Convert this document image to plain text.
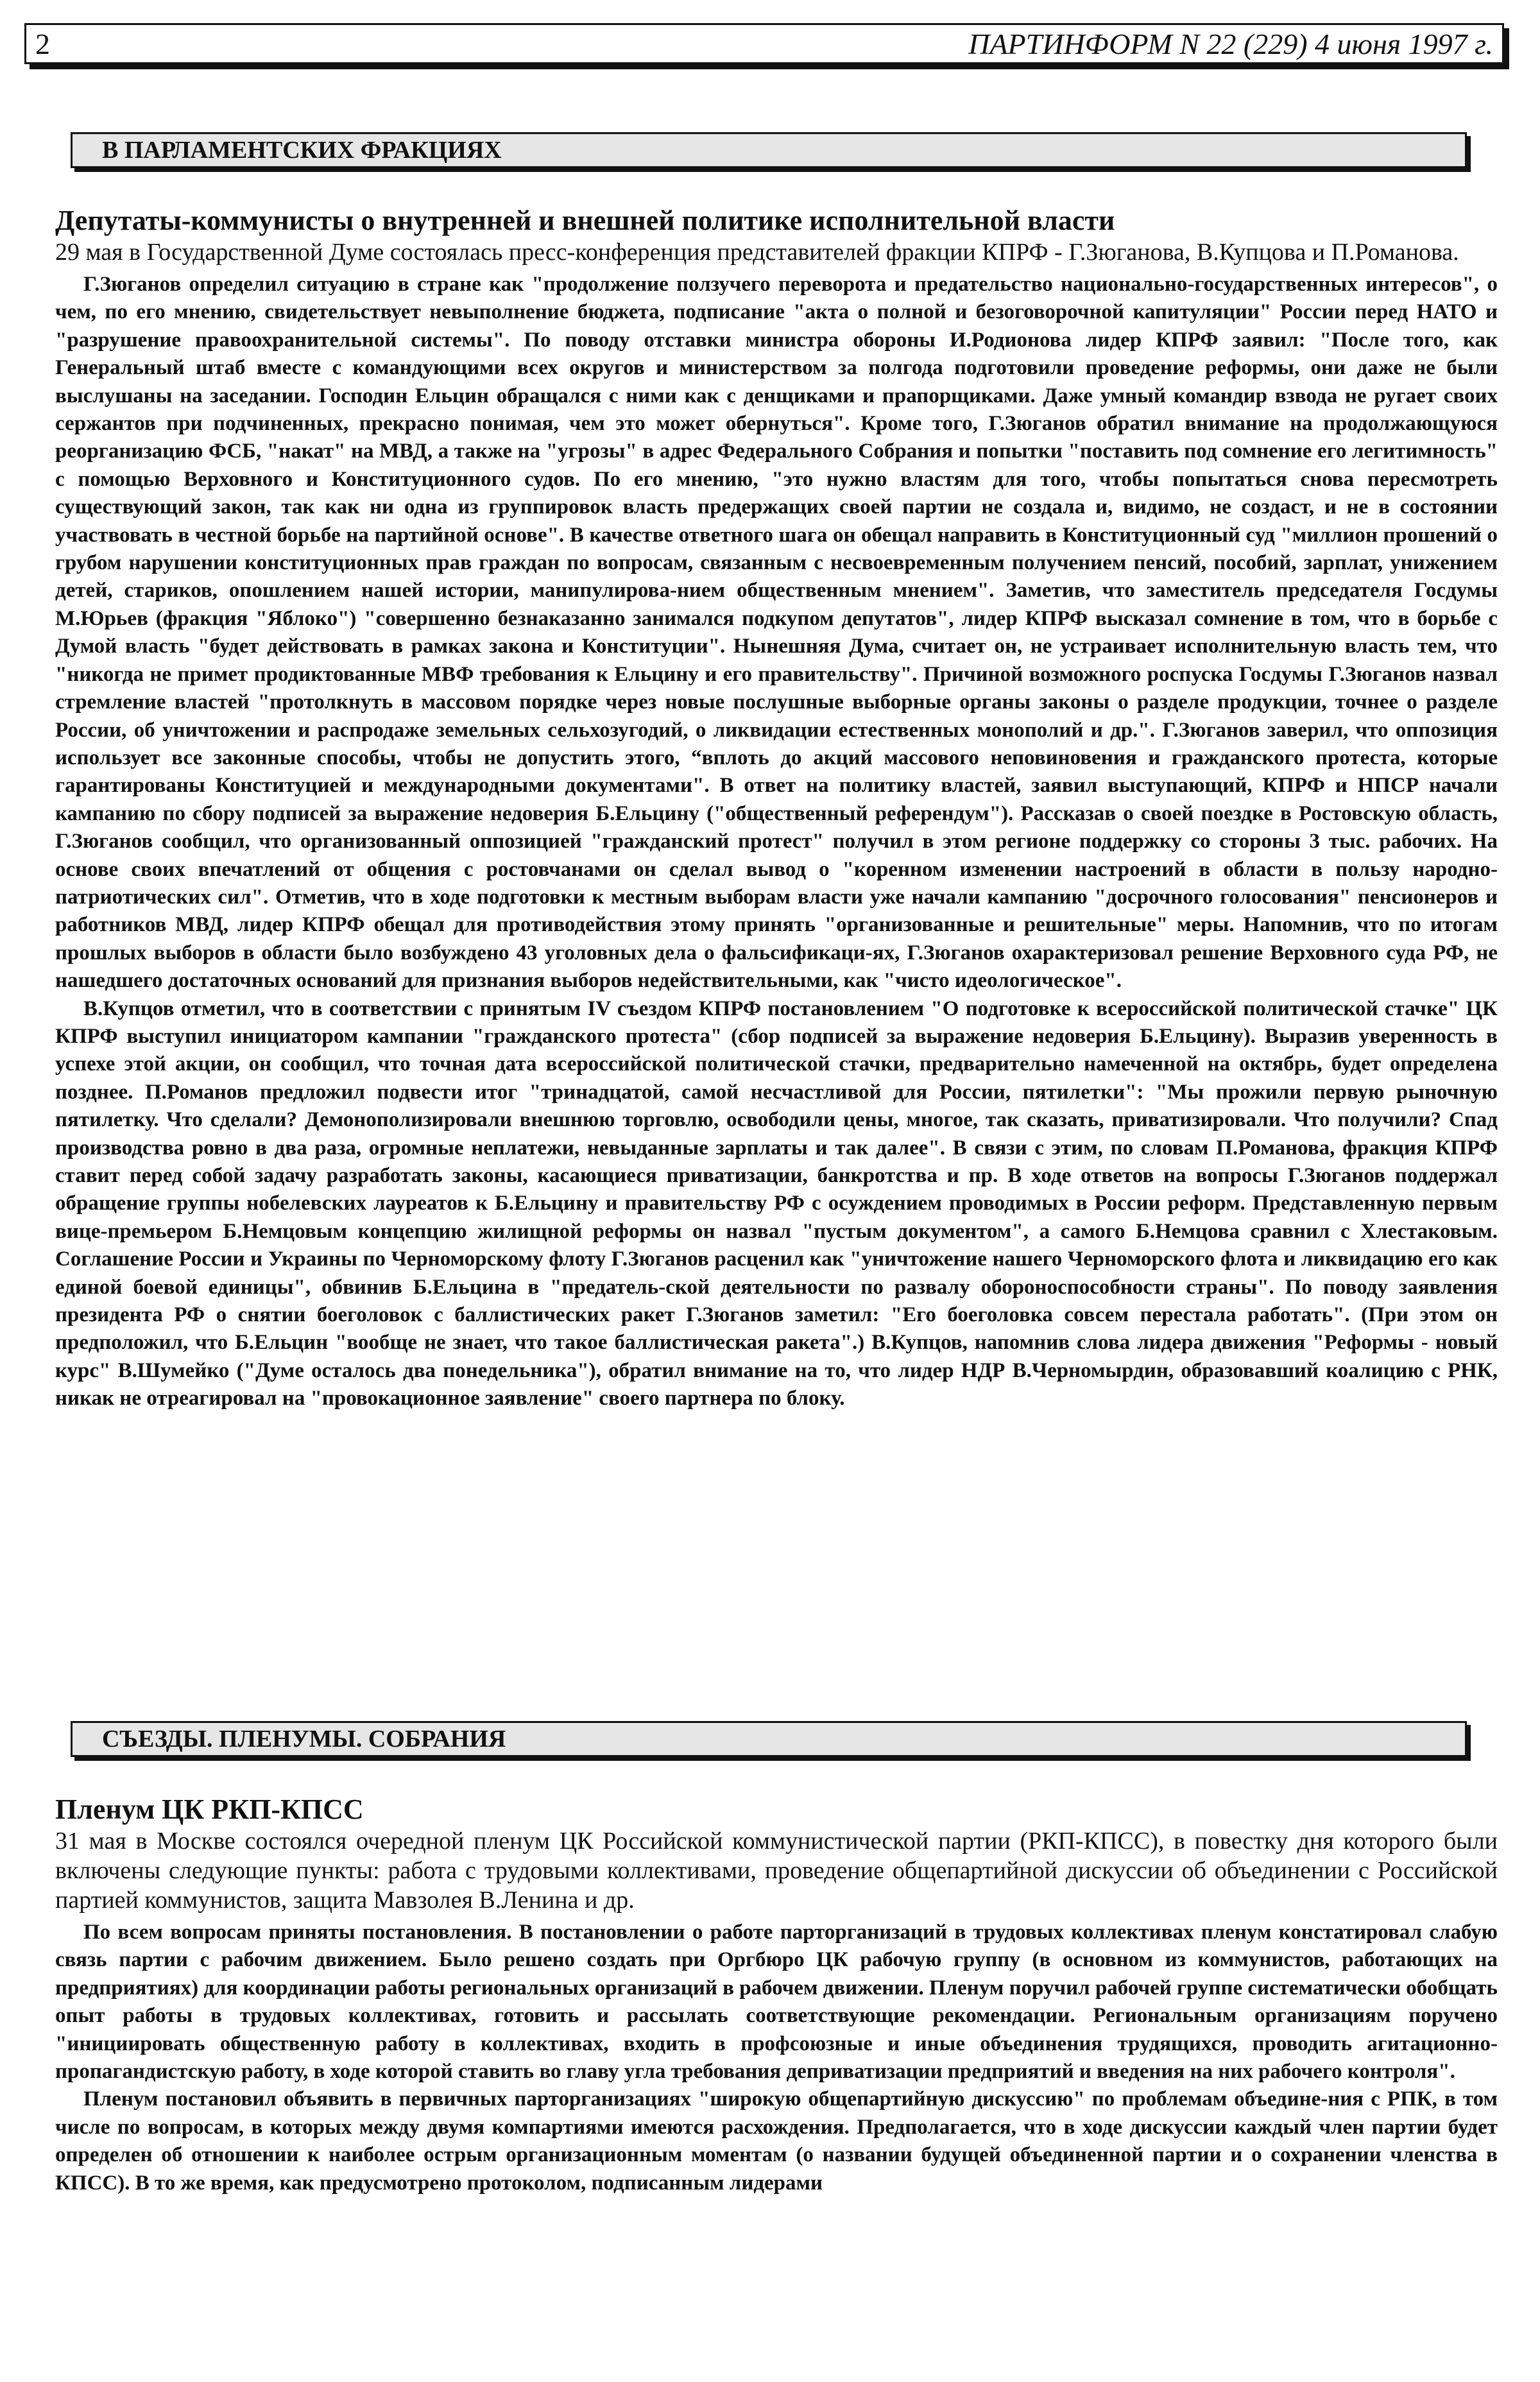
2	ПАРТИНФОРМ N 22 (229) 4 июня 1997 г.
В ПАРЛАМЕНТСКИХ ФРАКЦИЯХ
Депутаты-коммунисты о внутренней и внешней политике исполнительной власти

29 мая в Государственной Думе состоялась пресс-конференция представителей фракции КПРФ - Г.Зюганова, В.Купцова и П.Романова.

Г.Зюганов определил ситуацию в стране как "продолжение ползучего переворота и предательство национально-государственных интересов", о чем, по его мнению, свидетельствует невыполнение бюджета, подписание "акта о полной и безоговорочной капитуляции" России перед НАТО и "разрушение правоохранительной системы". По поводу отставки министра обороны И.Родионова лидер КПРФ заявил: "После того, как Генеральный штаб вместе с командующими всех округов и министерством за полгода подготовили проведение реформы, они даже не были выслушаны на заседании. Господин Ельцин обращался с ними как с денщиками и прапорщиками. Даже умный командир взвода не ругает своих сержантов при подчиненных, прекрасно понимая, чем это может обернуться". Кроме того, Г.Зюганов обратил внимание на продолжающуюся реорганизацию ФСБ, "накат" на МВД, а также на "угрозы" в адрес Федерального Собрания и попытки "поставить под сомнение его легитимность" с помощью Верховного и Конституционного судов. По его мнению, "это нужно властям для того, чтобы попытаться снова пересмотреть существующий закон, так как ни одна из группировок власть предержащих своей партии не создала и, видимо, не создаст, и не в состоянии участвовать в честной борьбе на партийной основе". В качестве ответного шага он обещал направить в Конституционный суд "миллион прошений о грубом нарушении конституционных прав граждан по вопросам, связанным с несвоевременным получением пенсий, пособий, зарплат, унижением детей, стариков, опошлением нашей истории, манипулирова-нием общественным мнением". Заметив, что заместитель председателя Госдумы М.Юрьев (фракция "Яблоко") "совершенно безнаказанно занимался подкупом депутатов", лидер КПРФ высказал сомнение в том, что в борьбе с Думой власть "будет действовать в рамках закона и Конституции". Нынешняя Дума, считает он, не устраивает исполнительную власть тем, что "никогда не примет продиктованные МВФ требования к Ельцину и его правительству". Причиной возможного роспуска Госдумы Г.Зюганов назвал стремление властей "протолкнуть в массовом порядке через новые послушные выборные органы законы о разделе продукции, точнее о разделе России, об уничтожении и распродаже земельных сельхозугодий, о ликвидации естественных монополий и др.". Г.Зюганов заверил, что оппозиция использует все законные способы, чтобы не допустить этого, “вплоть до акций массового неповиновения и гражданского протеста, которые гарантированы Конституцией и международными документами". В ответ на политику властей, заявил выступающий, КПРФ и НПСР начали кампанию по сбору подписей за выражение недоверия Б.Ельцину ("общественный референдум"). Рассказав о своей поездке в Ростовскую область, Г.Зюганов сообщил, что организованный оппозицией "гражданский протест" получил в этом регионе поддержку со стороны 3 тыс. рабочих. На основе своих впечатлений от общения с ростовчанами он сделал вывод о "коренном изменении настроений в области в пользу народно-патриотических сил". Отметив, что в ходе подготовки к местным выборам власти уже начали кампанию "досрочного голосования" пенсионеров и работников МВД, лидер КПРФ обещал для противодействия этому принять "организованные и решительные" меры. Напомнив, что по итогам прошлых выборов в области было возбуждено 43 уголовных дела о фальсификаци-ях, Г.Зюганов охарактеризовал решение Верховного суда РФ, не нашедшего достаточных оснований для признания выборов недействительными, как "чисто идеологическое".

В.Купцов отметил, что в соответствии с принятым IV съездом КПРФ постановлением "О подготовке к всероссийской политической стачке" ЦК КПРФ выступил инициатором кампании "гражданского протеста" (сбор подписей за выражение недоверия Б.Ельцину). Выразив уверенность в успехе этой акции, он сообщил, что точная дата всероссийской политической стачки, предварительно намеченной на октябрь, будет определена позднее. П.Романов предложил подвести итог "тринадцатой, самой несчастливой для России, пятилетки": "Мы прожили первую рыночную пятилетку. Что сделали? Демонополизировали внешнюю торговлю, освободили цены, многое, так сказать, приватизировали. Что получили? Спад производства ровно в два раза, огромные неплатежи, невыданные зарплаты и так далее". В связи с этим, по словам П.Романова, фракция КПРФ ставит перед собой задачу разработать законы, касающиеся приватизации, банкротства и пр. В ходе ответов на вопросы Г.Зюганов поддержал обращение группы нобелевских лауреатов к Б.Ельцину и правительству РФ с осуждением проводимых в России реформ. Представленную первым вице-премьером Б.Немцовым концепцию жилищной реформы он назвал "пустым документом", а самого Б.Немцова сравнил с Хлестаковым. Соглашение России и Украины по Черноморскому флоту Г.Зюганов расценил как "уничтожение нашего Черноморского флота и ликвидацию его как единой боевой единицы", обвинив Б.Ельцина в "предатель-ской деятельности по развалу обороноспособности страны". По поводу заявления президента РФ о снятии боеголовок с баллистических ракет Г.Зюганов заметил: "Его боеголовка совсем перестала работать". (При этом он предположил, что Б.Ельцин "вообще не знает, что такое баллистическая ракета".) В.Купцов, напомнив слова лидера движения "Реформы - новый курс" В.Шумейко ("Думе осталось два понедельника"), обратил внимание на то, что лидер НДР В.Черномырдин, образовавший коалицию с РНК, никак не отреагировал на "провокационное заявление" своего партнера по блоку.

СЪЕЗДЫ. ПЛЕНУМЫ. СОБРАНИЯ
Пленум ЦК РКП-КПСС

31 мая в Москве состоялся очередной пленум ЦК Российской коммунистической партии (РКП-КПСС), в повестку дня которого были включены следующие пункты: работа с трудовыми коллективами, проведение общепартийной дискуссии об объединении с Российской партией коммунистов, защита Мавзолея В.Ленина и др.

По всем вопросам приняты постановления. В постановлении о работе парторганизаций в трудовых коллективах пленум констатировал слабую связь партии с рабочим движением. Было решено создать при Оргбюро ЦК рабочую группу (в основном из коммунистов, работающих на предприятиях) для координации работы региональных организаций в рабочем движении. Пленум поручил рабочей группе систематически обобщать опыт работы в трудовых коллективах, готовить и рассылать соответствующие рекомендации. Региональным организациям поручено "инициировать общественную работу в коллективах, входить в профсоюзные и иные объединения трудящихся, проводить агитационно-пропагандистскую работу, в ходе которой ставить во главу угла требования деприватизации предприятий и введения на них рабочего контроля".

Пленум постановил объявить в первичных парторганизациях "широкую общепартийную дискуссию" по проблемам объедине-ния с РПК, в том числе по вопросам, в которых между двумя компартиями имеются расхождения. Предполагается, что в ходе дискуссии каждый член партии будет определен об отношении к наиболее острым организационным моментам (о названии будущей объединенной партии и о сохранении членства в КПСС). В то же время, как предусмотрено протоколом, подписанным лидерами
